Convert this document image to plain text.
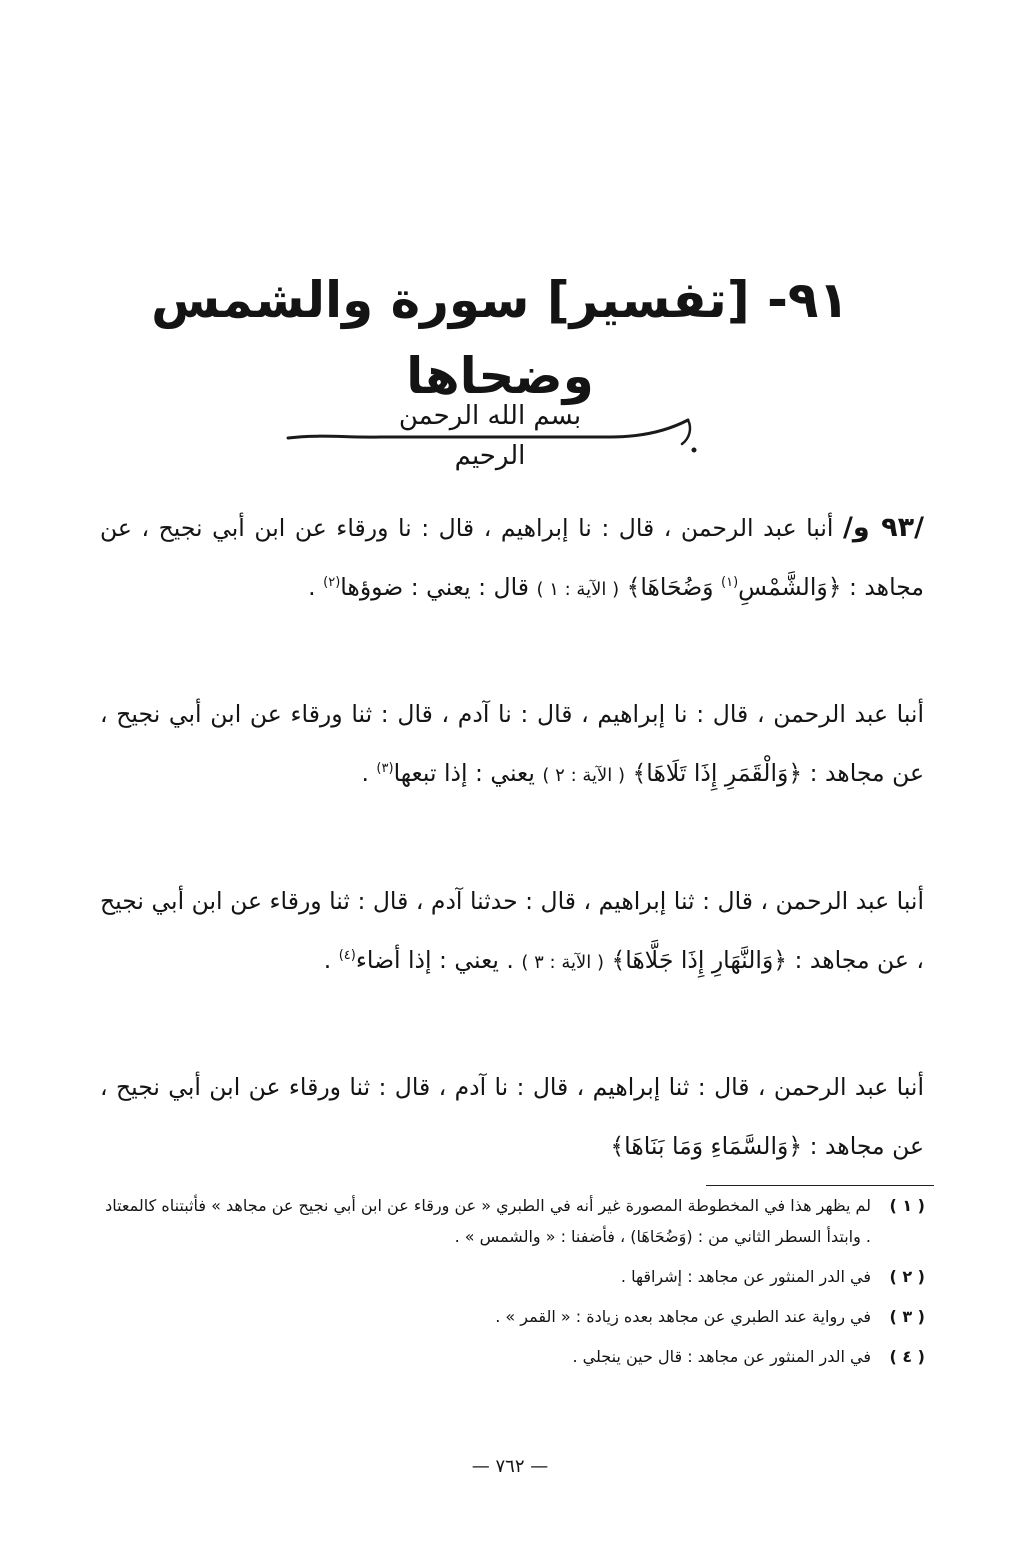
٩١- [تفسير] سورة والشمس وضحاها
بسم الله الرحمن الرحيم

/٩٣ و/ أنبا عبد الرحمن ، قال : نا إبراهيم ، قال : نا ورقاء عن ابن أبي نجيح ، عن مجاهد : ﴿وَالشَّمْسِ$^{(١)}$ وَضُحَاهَا﴾ ( الآية : ١ ) قال : يعني : ضوؤها$^{(٢)}$ .

أنبا عبد الرحمن ، قال : نا إبراهيم ، قال : نا آدم ، قال : ثنا ورقاء عن ابن أبي نجيح ، عن مجاهد : ﴿وَالْقَمَرِ إِذَا تَلَاهَا﴾ ( الآية : ٢ ) يعني : إذا تبعها$^{(٣)}$ .

أنبا عبد الرحمن ، قال : ثنا إبراهيم ، قال : حدثنا آدم ، قال : ثنا ورقاء عن ابن أبي نجيح ، عن مجاهد : ﴿وَالنَّهَارِ إِذَا جَلَّاهَا﴾ ( الآية : ٣ ) . يعني : إذا أضاء$^{(٤)}$ .

أنبا عبد الرحمن ، قال : ثنا إبراهيم ، قال : نا آدم ، قال : ثنا ورقاء عن ابن أبي نجيح ، عن مجاهد : ﴿وَالسَّمَاءِ وَمَا بَنَاهَا﴾

( ١ )
لم يظهر هذا في المخطوطة المصورة غير أنه في الطبري « عن ورقاء عن ابن أبي نجيح عن مجاهد » فأثبتناه كالمعتاد . وابتدأ السطر الثاني من : (وَضُحَاهَا) ، فأضفنا : « والشمس » .
( ٢ )
في الدر المنثور عن مجاهد : إشراقها .
( ٣ )
في رواية عند الطبري عن مجاهد بعده زيادة : « القمر » .
( ٤ )
في الدر المنثور عن مجاهد : قال حين ينجلي .
— ٧٦٢ —
